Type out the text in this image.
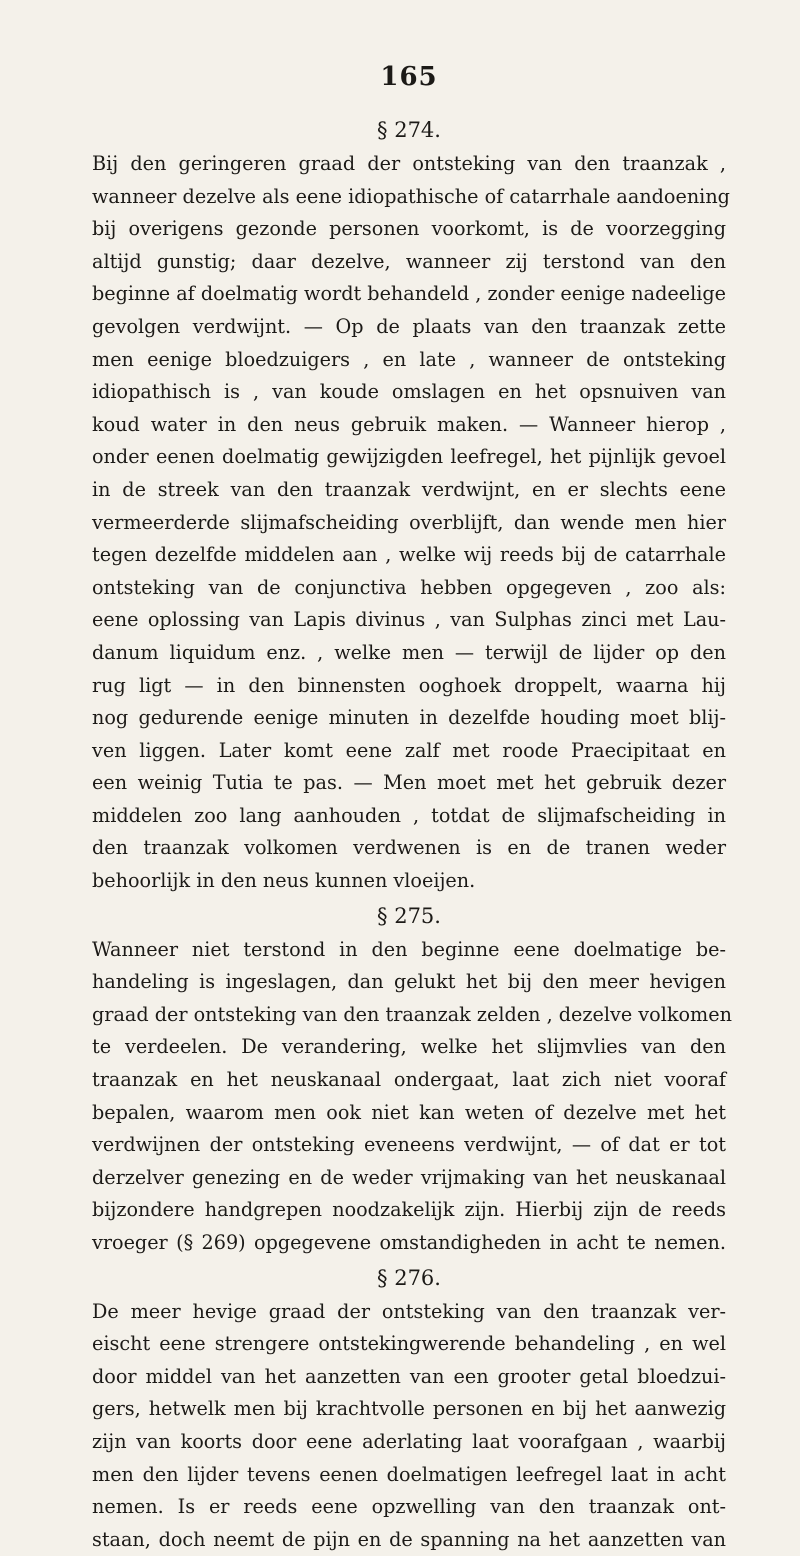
165
§ 274.
Bij den geringeren graad der ontsteking van den traanzak ,
wanneer dezelve als eene idiopathische of catarrhale aandoening
bij overigens gezonde personen voorkomt, is de voorzegging
altijd gunstig; daar dezelve, wanneer zij terstond van den
beginne af doelmatig wordt behandeld , zonder eenige nadeelige
gevolgen verdwijnt. — Op de plaats van den traanzak zette
men eenige bloedzuigers , en late , wanneer de ontsteking
idiopathisch is , van koude omslagen en het opsnuiven van
koud water in den neus gebruik maken. — Wanneer hierop ,
onder eenen doelmatig gewijzigden leefregel, het pijnlijk gevoel
in de streek van den traanzak verdwijnt, en er slechts eene
vermeerderde slijmafscheiding overblijft, dan wende men hier
tegen dezelfde middelen aan , welke wij reeds bij de catarrhale
ontsteking van de conjunctiva hebben opgegeven , zoo als:
eene oplossing van Lapis divinus , van Sulphas zinci met Lau-
danum liquidum enz. , welke men — terwijl de lijder op den
rug ligt — in den binnensten ooghoek droppelt, waarna hij
nog gedurende eenige minuten in dezelfde houding moet blij-
ven liggen. Later komt eene zalf met roode Praecipitaat en
een weinig Tutia te pas. — Men moet met het gebruik dezer
middelen zoo lang aanhouden , totdat de slijmafscheiding in
den traanzak volkomen verdwenen is en de tranen weder
behoorlijk in den neus kunnen vloeijen.
§ 275.
Wanneer niet terstond in den beginne eene doelmatige be-
handeling is ingeslagen, dan gelukt het bij den meer hevigen
graad der ontsteking van den traanzak zelden , dezelve volkomen
te verdeelen. De verandering, welke het slijmvlies van den
traanzak en het neuskanaal ondergaat, laat zich niet vooraf
bepalen, waarom men ook niet kan weten of dezelve met het
verdwijnen der ontsteking eveneens verdwijnt, — of dat er tot
derzelver genezing en de weder vrijmaking van het neuskanaal
bijzondere handgrepen noodzakelijk zijn. Hierbij zijn de reeds
vroeger (§ 269) opgegevene omstandigheden in acht te nemen.
§ 276.
De meer hevige graad der ontsteking van den traanzak ver-
eischt eene strengere ontstekingwerende behandeling , en wel
door middel van het aanzetten van een grooter getal bloedzui-
gers, hetwelk men bij krachtvolle personen en bij het aanwezig
zijn van koorts door eene aderlating laat voorafgaan , waarbij
men den lijder tevens eenen doelmatigen leefregel laat in acht
nemen. Is er reeds eene opzwelling van den traanzak ont-
staan, doch neemt de pijn en de spanning na het aanzetten van
